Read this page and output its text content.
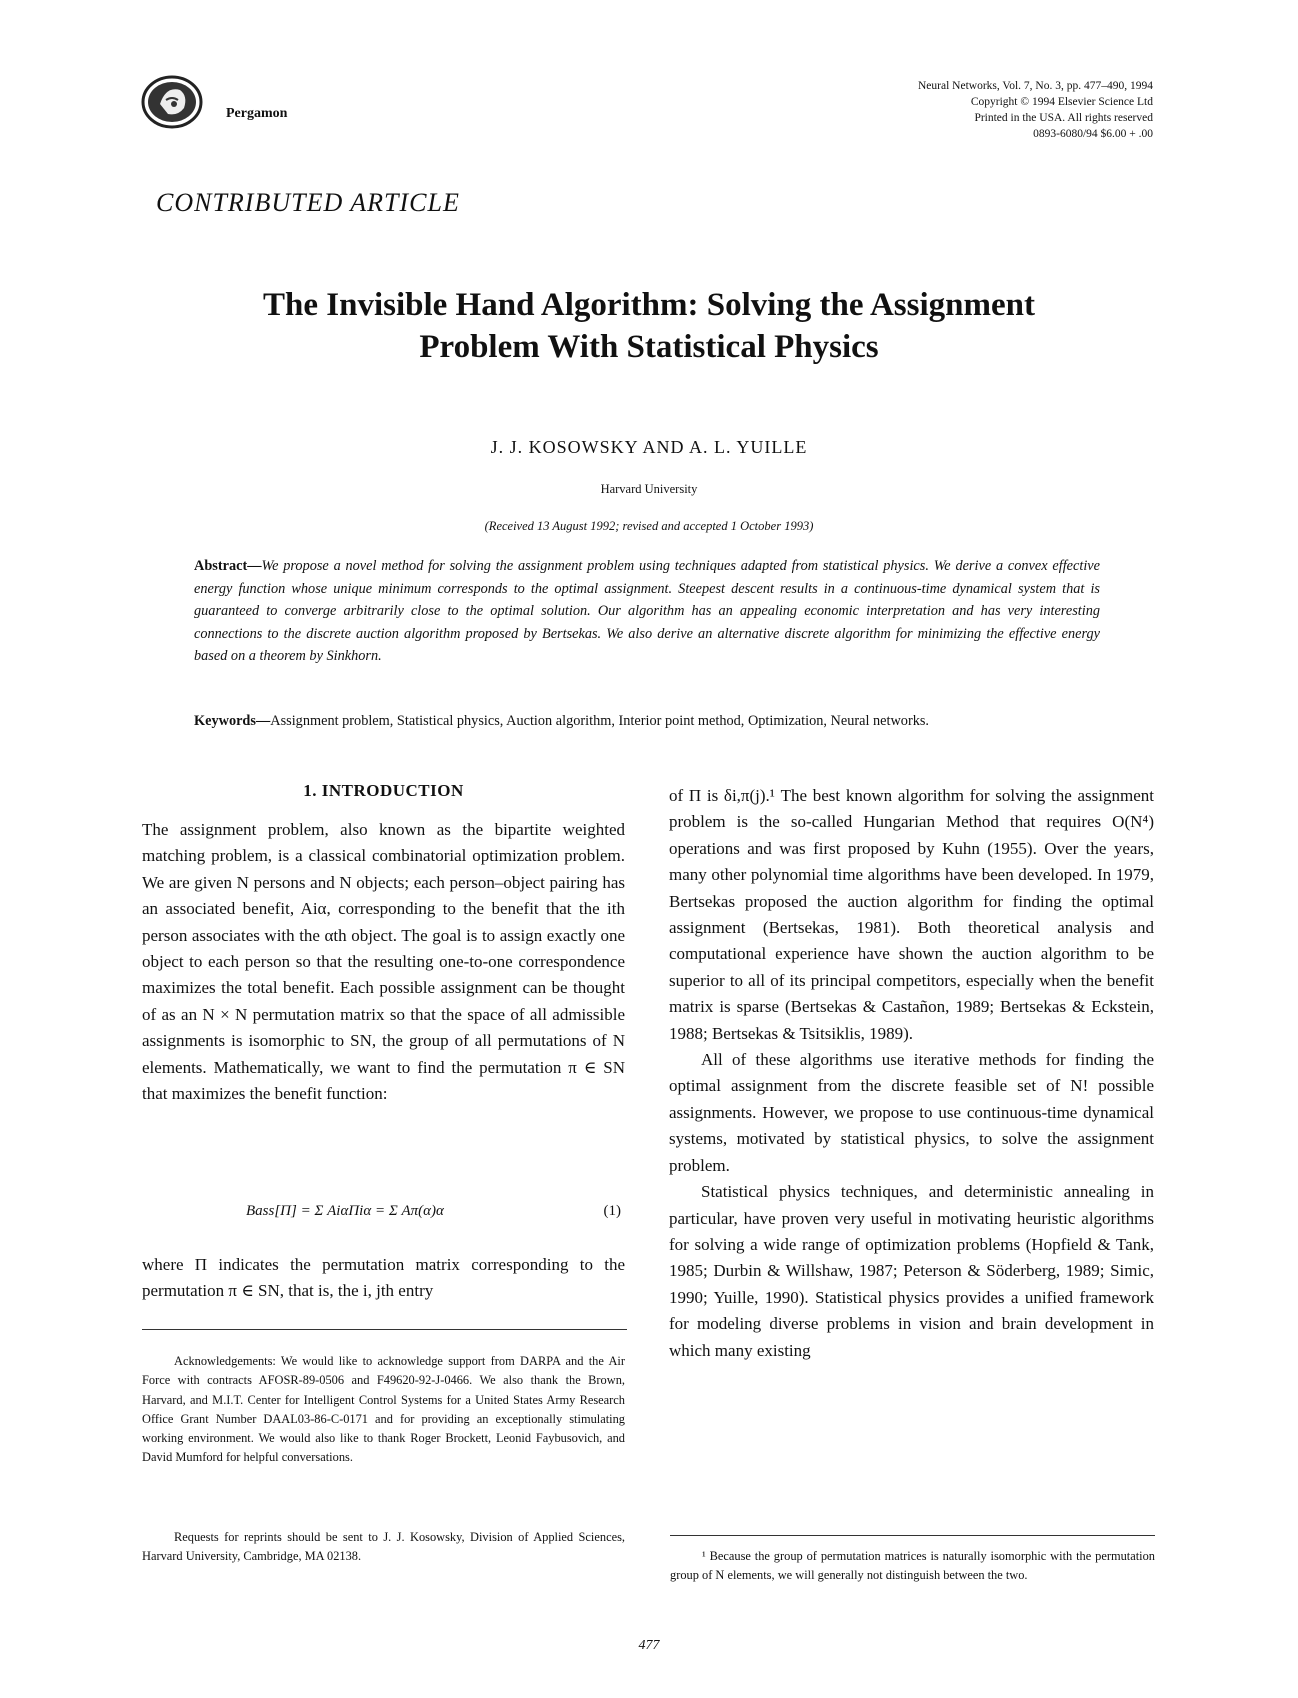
Pergamon
Neural Networks, Vol. 7, No. 3, pp. 477–490, 1994
Copyright © 1994 Elsevier Science Ltd
Printed in the USA. All rights reserved
0893-6080/94 $6.00 + .00
CONTRIBUTED ARTICLE
The Invisible Hand Algorithm: Solving the Assignment
Problem With Statistical Physics
J. J. KOSOWSKY AND A. L. YUILLE
Harvard University
(Received 13 August 1992; revised and accepted 1 October 1993)
Abstract—We propose a novel method for solving the assignment problem using techniques adapted from statistical physics. We derive a convex effective energy function whose unique minimum corresponds to the optimal assignment. Steepest descent results in a continuous-time dynamical system that is guaranteed to converge arbitrarily close to the optimal solution. Our algorithm has an appealing economic interpretation and has very interesting connections to the discrete auction algorithm proposed by Bertsekas. We also derive an alternative discrete algorithm for minimizing the effective energy based on a theorem by Sinkhorn.
Keywords—Assignment problem, Statistical physics, Auction algorithm, Interior point method, Optimization, Neural networks.
1. INTRODUCTION

The assignment problem, also known as the bipartite weighted matching problem, is a classical combinatorial optimization problem. We are given N persons and N objects; each person–object pairing has an associated benefit, Aiα, corresponding to the benefit that the ith person associates with the αth object. The goal is to assign exactly one object to each person so that the resulting one-to-one correspondence maximizes the total benefit. Each possible assignment can be thought of as an N × N permutation matrix so that the space of all admissible assignments is isomorphic to SN, the group of all permutations of N elements. Mathematically, we want to find the permutation π ∈ SN that maximizes the benefit function:

Bass[Π] = Σ AiαΠiα = Σ Aπ(α)α	(1)

where Π indicates the permutation matrix corresponding to the permutation π ∈ SN, that is, the i, jth entry

Acknowledgements: We would like to acknowledge support from DARPA and the Air Force with contracts AFOSR-89-0506 and F49620-92-J-0466. We also thank the Brown, Harvard, and M.I.T. Center for Intelligent Control Systems for a United States Army Research Office Grant Number DAAL03-86-C-0171 and for providing an exceptionally stimulating working environment. We would also like to thank Roger Brockett, Leonid Faybusovich, and David Mumford for helpful conversations.

Requests for reprints should be sent to J. J. Kosowsky, Division of Applied Sciences, Harvard University, Cambridge, MA 02138.

of Π is δi,π(j).¹ The best known algorithm for solving the assignment problem is the so-called Hungarian Method that requires O(N⁴) operations and was first proposed by Kuhn (1955). Over the years, many other polynomial time algorithms have been developed. In 1979, Bertsekas proposed the auction algorithm for finding the optimal assignment (Bertsekas, 1981). Both theoretical analysis and computational experience have shown the auction algorithm to be superior to all of its principal competitors, especially when the benefit matrix is sparse (Bertsekas & Castañon, 1989; Bertsekas & Eckstein, 1988; Bertsekas & Tsitsiklis, 1989).

All of these algorithms use iterative methods for finding the optimal assignment from the discrete feasible set of N! possible assignments. However, we propose to use continuous-time dynamical systems, motivated by statistical physics, to solve the assignment problem.

Statistical physics techniques, and deterministic annealing in particular, have proven very useful in motivating heuristic algorithms for solving a wide range of optimization problems (Hopfield & Tank, 1985; Durbin & Willshaw, 1987; Peterson & Söderberg, 1989; Simic, 1990; Yuille, 1990). Statistical physics provides a unified framework for modeling diverse problems in vision and brain development in which many existing

¹ Because the group of permutation matrices is naturally isomorphic with the permutation group of N elements, we will generally not distinguish between the two.

477
